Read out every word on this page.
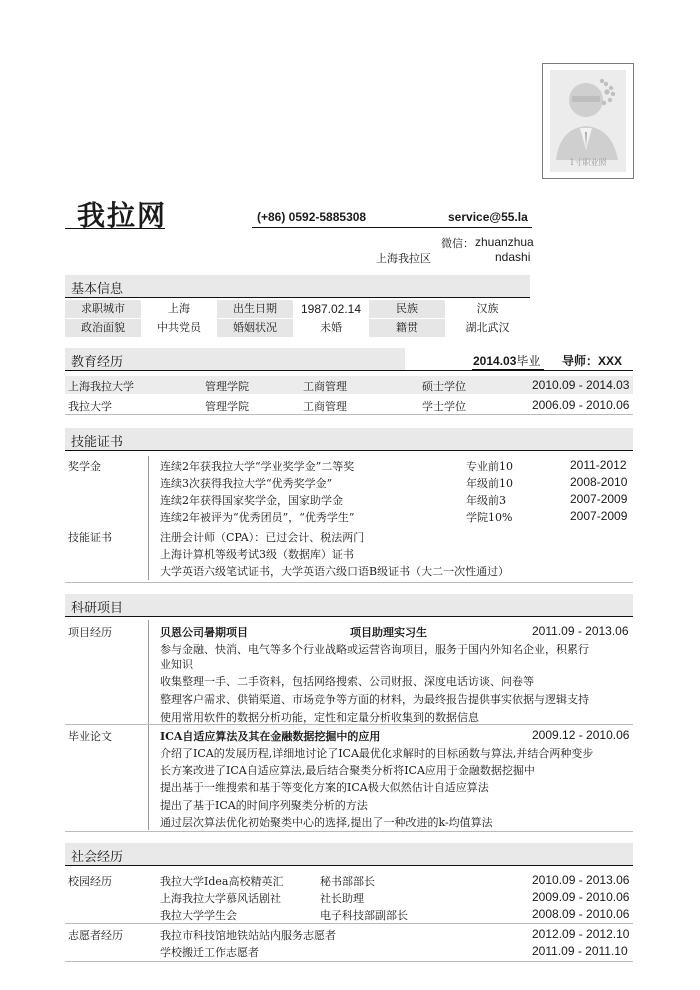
1寸职业照
我拉网	(+86) 0592-5885308	service@55.la
微信： zhuanzhua
上海我拉区	ndashi
基本信息
求职城市	上海	出生日期	1987.02.14	民族	汉族
政治面貌	中共党员	婚姻状况	未婚	籍贯	湖北武汉
教育经历	2014.03毕业 导师：XXX
上海我拉大学	管理学院	工商管理	硕士学位	2010.09 - 2014.03
我拉大学	管理学院	工商管理	学士学位	2006.09 - 2010.06
技能证书
奖学金	连续2年获我拉大学“学业奖学金”二等奖	专业前10	2011-2012
连续3次获得我拉大学“优秀奖学金”	年级前10	2008-2010
连续2年获得国家奖学金，国家助学金	年级前3	2007-2009
连续2年被评为“优秀团员”，“优秀学生”	学院10%	2007-2009
技能证书	注册会计师（CPA）：已过会计、税法两门
上海计算机等级考试3级（数据库）证书
大学英语六级笔试证书，大学英语六级口语B级证书（大二一次性通过）
科研项目
项目经历	贝恩公司暑期项目	项目助理实习生	2011.09 - 2013.06
参与金融、快消、电气等多个行业战略或运营咨询项目，服务于国内外知名企业，积累行
业知识
收集整理一手、二手资料，包括网络搜索、公司财报、深度电话访谈、问卷等
整理客户需求、供销渠道、市场竞争等方面的材料，为最终报告提供事实依据与逻辑支持
使用常用软件的数据分析功能，定性和定量分析收集到的数据信息
毕业论文	ICA自适应算法及其在金融数据挖掘中的应用	2009.12 - 2010.06
介绍了ICA的发展历程,详细地讨论了ICA最优化求解时的目标函数与算法,并结合两种变步
长方案改进了ICA自适应算法,最后结合聚类分析将ICA应用于金融数据挖掘中
提出基于一维搜索和基于等变化方案的ICA极大似然估计自适应算法
提出了基于ICA的时间序列聚类分析的方法
通过层次算法优化初始聚类中心的选择,提出了一种改进的k-均值算法
社会经历
校园经历	我拉大学Idea高校精英汇	秘书部部长	2010.09 - 2013.06
上海我拉大学慕风话剧社	社长助理	2009.09 - 2010.06
我拉大学学生会	电子科技部副部长	2008.09 - 2010.06
志愿者经历	我拉市科技馆地铁站站内服务志愿者	2012.09 - 2012.10
学校搬迁工作志愿者	2011.09 - 2011.10
